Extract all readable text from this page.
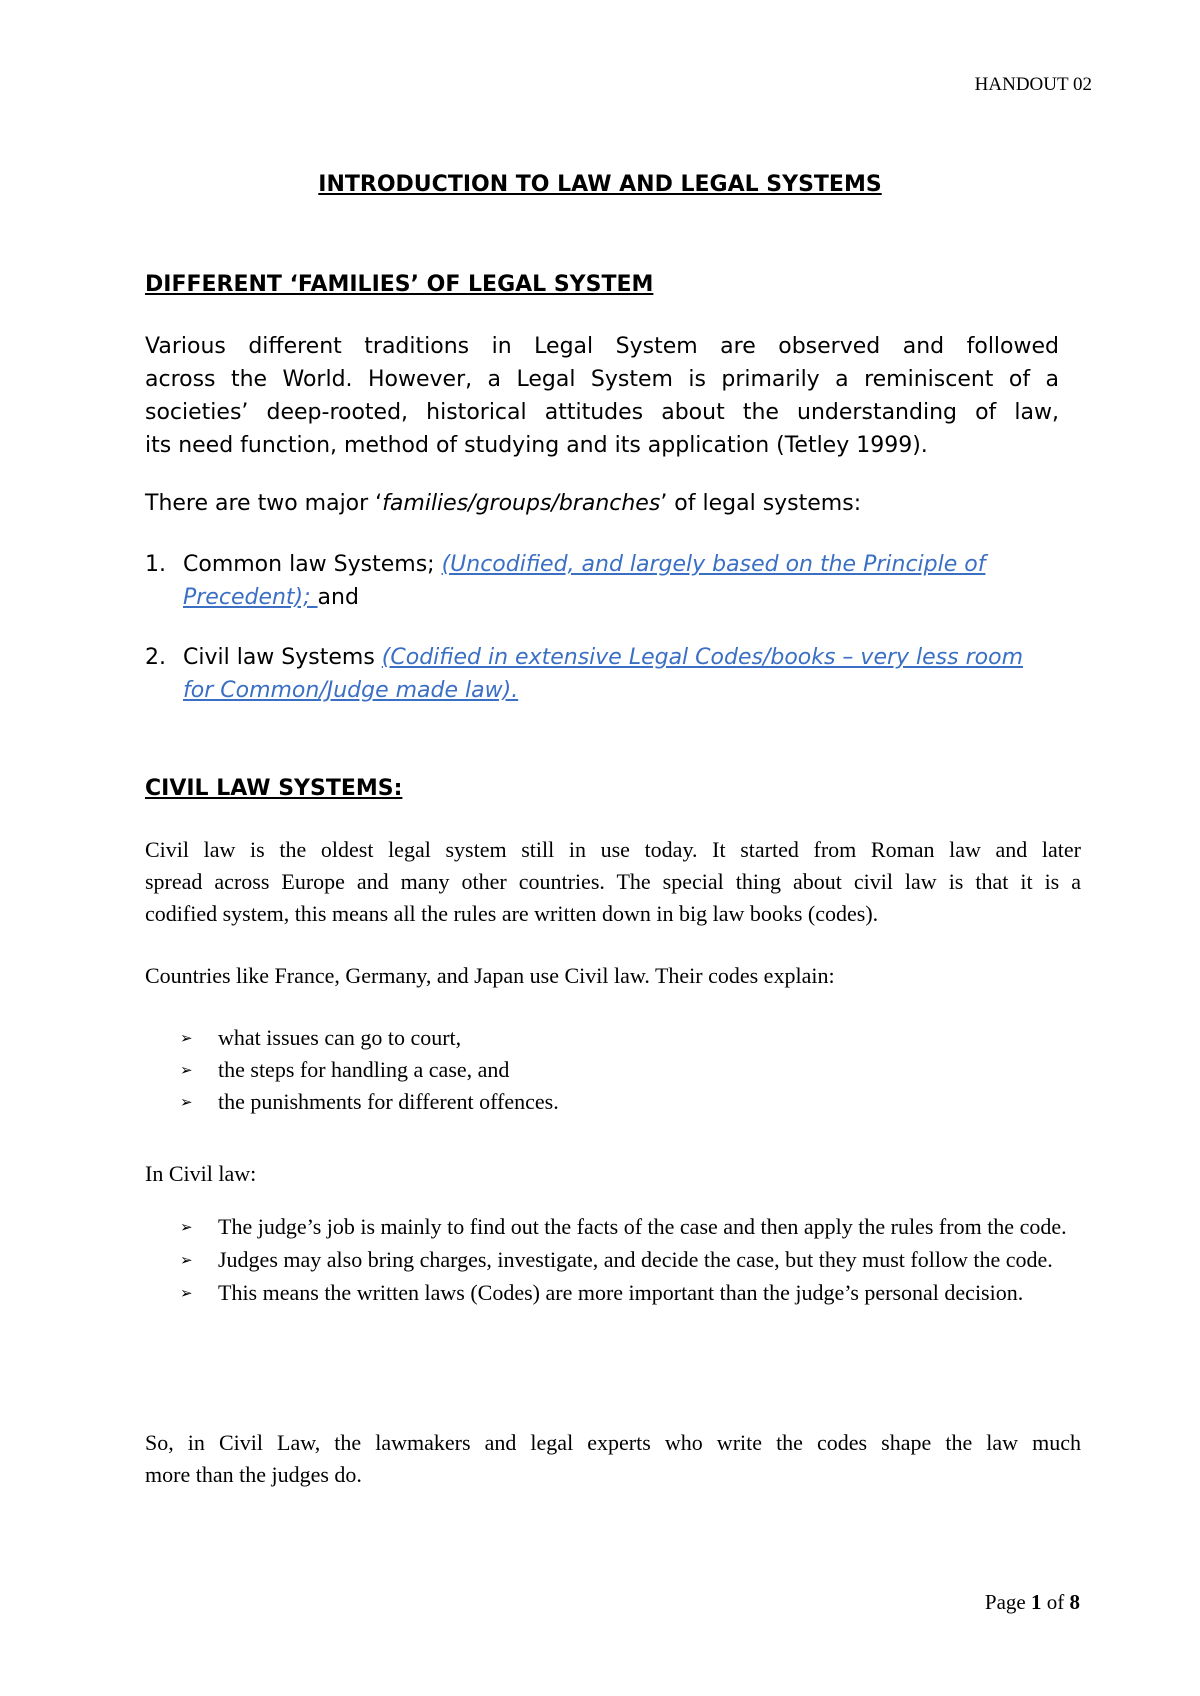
HANDOUT 02
INTRODUCTION TO LAW AND LEGAL SYSTEMS
DIFFERENT ‘FAMILIES’ OF LEGAL SYSTEM
Various different traditions in Legal System are observed and followed
across the World. However, a Legal System is primarily a reminiscent of a
societies’ deep-rooted, historical attitudes about the understanding of law,
its need function, method of studying and its application (Tetley 1999).
There are two major ‘families/groups/branches’ of legal systems:
1. Common law Systems; (Uncodified, and largely based on the Principle of Precedent); and
2. Civil law Systems (Codified in extensive Legal Codes/books – very less room for Common/Judge made law).
CIVIL LAW SYSTEMS:
Civil law is the oldest legal system still in use today. It started from Roman law and later
spread across Europe and many other countries. The special thing about civil law is that it is a
codified system, this means all the rules are written down in big law books (codes).
Countries like France, Germany, and Japan use Civil law. Their codes explain:
➢ what issues can go to court,
➢ the steps for handling a case, and
➢ the punishments for different offences.
In Civil law:
➢ The judge’s job is mainly to find out the facts of the case and then apply the rules from the code.
➢ Judges may also bring charges, investigate, and decide the case, but they must follow the code.
➢ This means the written laws (Codes) are more important than the judge’s personal decision.
So, in Civil Law, the lawmakers and legal experts who write the codes shape the law much
more than the judges do.
Page 1 of 8
